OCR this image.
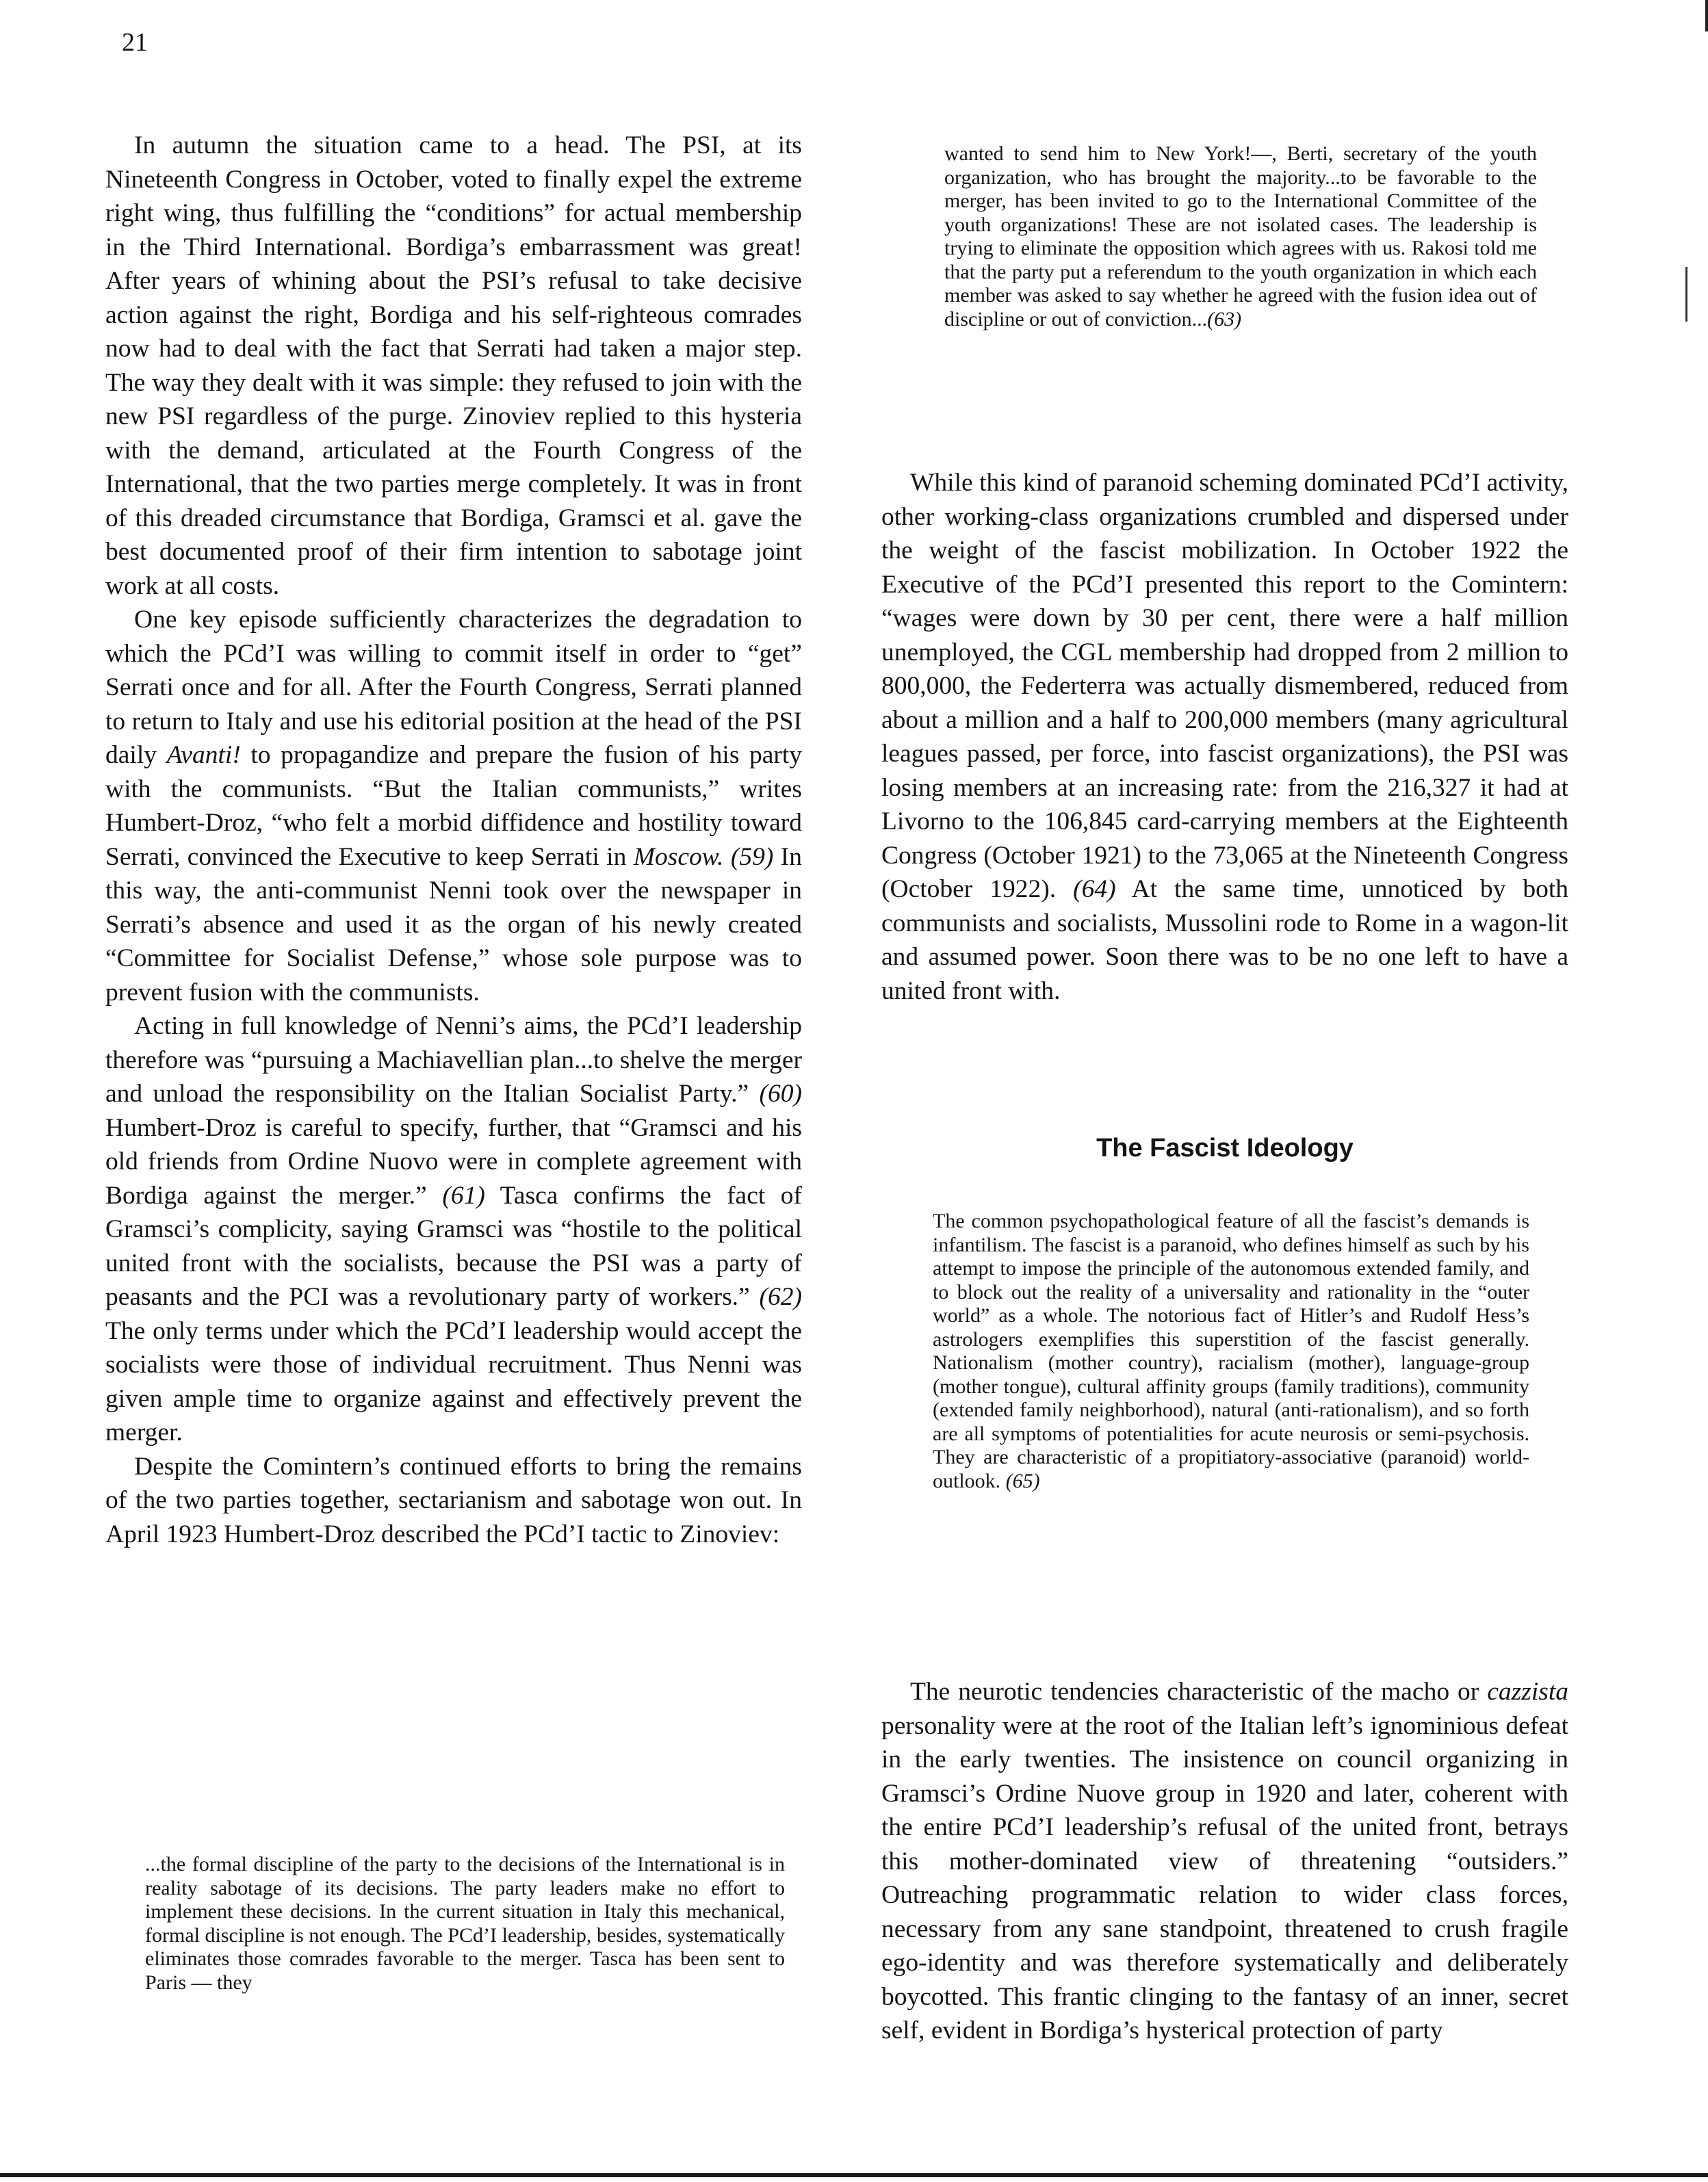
21

In autumn the situation came to a head. The PSI, at its Nineteenth Congress in October, voted to finally expel the extreme right wing, thus fulfilling the “conditions” for actual membership in the Third International. Bordiga’s embarrassment was great! After years of whining about the PSI’s refusal to take decisive action against the right, Bordiga and his self-righteous comrades now had to deal with the fact that Serrati had taken a major step. The way they dealt with it was simple: they refused to join with the new PSI regardless of the purge. Zinoviev replied to this hysteria with the demand, articulated at the Fourth Congress of the International, that the two parties merge completely. It was in front of this dreaded circumstance that Bordiga, Gramsci et al. gave the best documented proof of their firm intention to sabotage joint work at all costs.

One key episode sufficiently characterizes the degradation to which the PCd’I was willing to commit itself in order to “get” Serrati once and for all. After the Fourth Congress, Serrati planned to return to Italy and use his editorial position at the head of the PSI daily Avanti! to propagandize and prepare the fusion of his party with the communists. “But the Italian communists,” writes Humbert-Droz, “who felt a morbid diffidence and hostility toward Serrati, convinced the Executive to keep Serrati in Moscow. (59) In this way, the anti-communist Nenni took over the newspaper in Serrati’s absence and used it as the organ of his newly created “Committee for Socialist Defense,” whose sole purpose was to prevent fusion with the communists.

Acting in full knowledge of Nenni’s aims, the PCd’I leadership therefore was “pursuing a Machiavellian plan...to shelve the merger and unload the responsibility on the Italian Socialist Party.” (60) Humbert-Droz is careful to specify, further, that “Gramsci and his old friends from Ordine Nuovo were in complete agreement with Bordiga against the merger.” (61) Tasca confirms the fact of Gramsci’s complicity, saying Gramsci was “hostile to the political united front with the socialists, because the PSI was a party of peasants and the PCI was a revolutionary party of workers.” (62) The only terms under which the PCd’I leadership would accept the socialists were those of individual recruitment. Thus Nenni was given ample time to organize against and effectively prevent the merger.

Despite the Comintern’s continued efforts to bring the remains of the two parties together, sectarianism and sabotage won out. In April 1923 Humbert-Droz described the PCd’I tactic to Zinoviev:

...the formal discipline of the party to the decisions of the International is in reality sabotage of its decisions. The party leaders make no effort to implement these decisions. In the current situation in Italy this mechanical, formal discipline is not enough. The PCd’I leadership, besides, systematically eliminates those comrades favorable to the merger. Tasca has been sent to Paris — they

wanted to send him to New York!—, Berti, secretary of the youth organization, who has brought the majority...to be favorable to the merger, has been invited to go to the International Committee of the youth organizations! These are not isolated cases. The leadership is trying to eliminate the opposition which agrees with us. Rakosi told me that the party put a referendum to the youth organization in which each member was asked to say whether he agreed with the fusion idea out of discipline or out of conviction...(63)

While this kind of paranoid scheming dominated PCd’I activity, other working-class organizations crumbled and dispersed under the weight of the fascist mobilization. In October 1922 the Executive of the PCd’I presented this report to the Comintern: “wages were down by 30 per cent, there were a half million unemployed, the CGL membership had dropped from 2 million to 800,000, the Federterra was actually dismembered, reduced from about a million and a half to 200,000 members (many agricultural leagues passed, per force, into fascist organizations), the PSI was losing members at an increasing rate: from the 216,327 it had at Livorno to the 106,845 card-carrying members at the Eighteenth Congress (October 1921) to the 73,065 at the Nineteenth Congress (October 1922). (64) At the same time, unnoticed by both communists and socialists, Mussolini rode to Rome in a wagon-lit and assumed power. Soon there was to be no one left to have a united front with.

The Fascist Ideology

The common psychopathological feature of all the fascist’s demands is infantilism. The fascist is a paranoid, who defines himself as such by his attempt to impose the principle of the autonomous extended family, and to block out the reality of a universality and rationality in the “outer world” as a whole. The notorious fact of Hitler’s and Rudolf Hess’s astrologers exemplifies this superstition of the fascist generally. Nationalism (mother country), racialism (mother), language-group (mother tongue), cultural affinity groups (family traditions), community (extended family neighborhood), natural (anti-rationalism), and so forth are all symptoms of potentialities for acute neurosis or semi-psychosis. They are characteristic of a propitiatory-associative (paranoid) world-outlook. (65)

The neurotic tendencies characteristic of the macho or cazzista personality were at the root of the Italian left’s ignominious defeat in the early twenties. The insistence on council organizing in Gramsci’s Ordine Nuove group in 1920 and later, coherent with the entire PCd’I leadership’s refusal of the united front, betrays this mother-dominated view of threatening “outsiders.” Outreaching programmatic relation to wider class forces, necessary from any sane standpoint, threatened to crush fragile ego-identity and was therefore systematically and deliberately boycotted. This frantic clinging to the fantasy of an inner, secret self, evident in Bordiga’s hysterical protection of party
